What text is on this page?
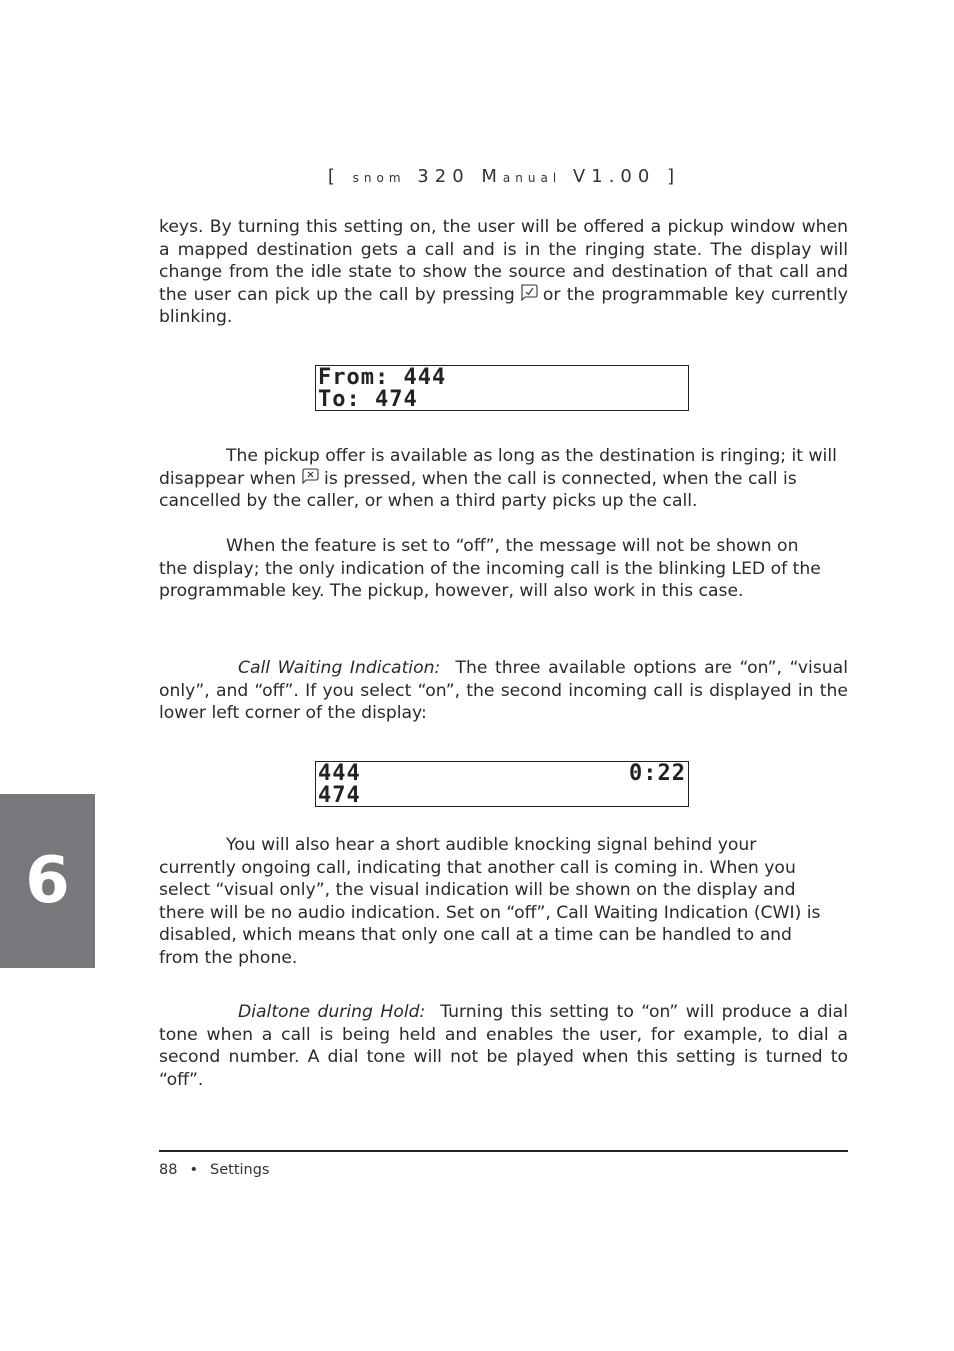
[ snom 320 Manual V1.00 ]

keys. By turning this setting on, the user will be offered a pickup window when a mapped destination gets a call and is in the ringing state. The display will change from the idle state to show the source and destination of that call and the user can pick up the call by pressing or the programmable key currently blinking.

From: 444
To: 474

The pickup offer is available as long as the destination is ringing; it will disappear when is pressed, when the call is connected, when the call is cancelled by the caller, or when a third party picks up the call.

When the feature is set to “off”, the message will not be shown on the display; the only indication of the incoming call is the blinking LED of the programmable key. The pickup, however, will also work in this case.

Call Waiting Indication: The three available options are “on”, “visual only”, and “off”. If you select “on”, the second incoming call is displayed in the lower left corner of the display:

444	0:22
474

You will also hear a short audible knocking signal behind your currently ongoing call, indicating that another call is coming in. When you select “visual only”, the visual indication will be shown on the display and there will be no audio indication. Set on “off”, Call Waiting Indication (CWI) is disabled, which means that only one call at a time can be handled to and from the phone.

Dialtone during Hold: Turning this setting to “on” will produce a dial tone when a call is being held and enables the user, for example, to dial a second number. A dial tone will not be played when this setting is turned to “off”.

6
88 • Settings
